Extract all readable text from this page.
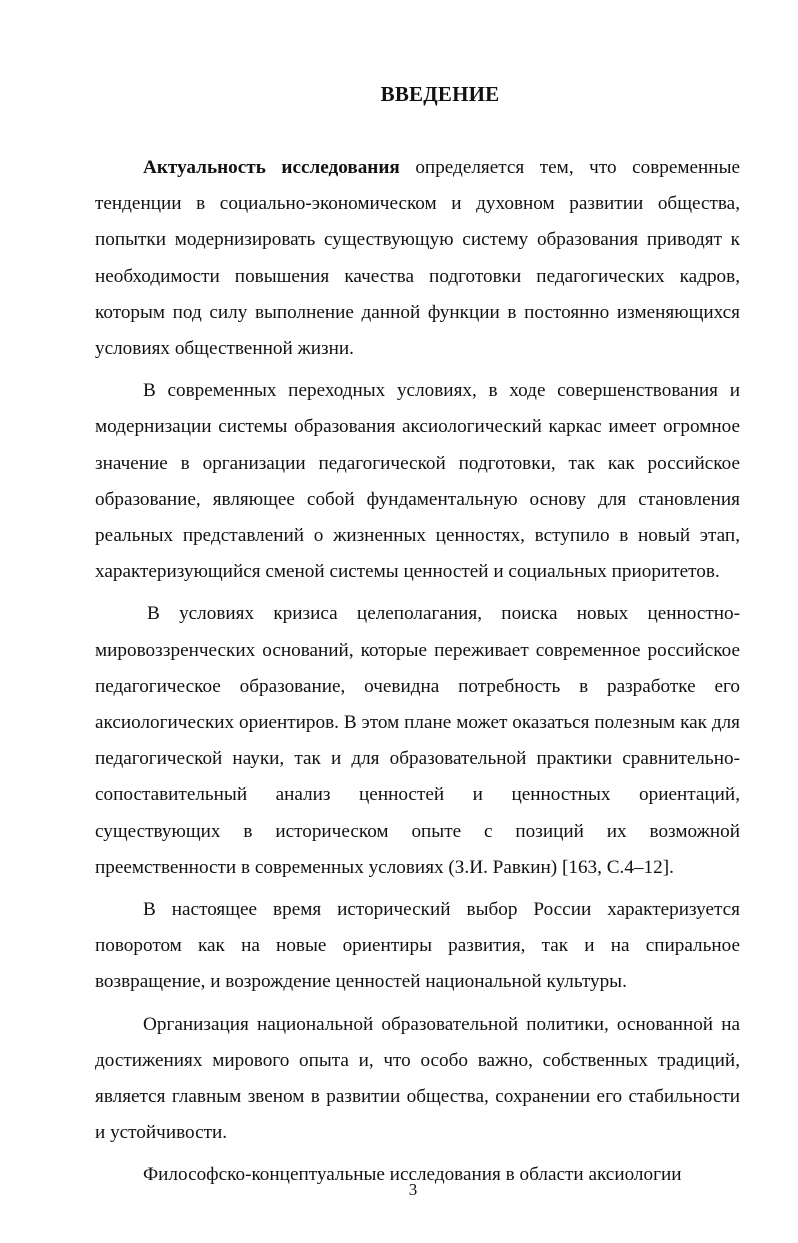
ВВЕДЕНИЕ

Актуальность исследования определяется тем, что современные тенденции в социально-экономическом и духовном развитии общества, попытки модернизировать существующую систему образования приводят к необходимости повышения качества подготовки педагогических кадров, которым под силу выполнение данной функции в постоянно изменяющихся условиях общественной жизни.

В современных переходных условиях, в ходе совершенствования и модернизации системы образования аксиологический каркас имеет огромное значение в организации педагогической подготовки, так как российское образование, являющее собой фундаментальную основу для становления реальных представлений о жизненных ценностях, вступило в новый этап, характеризующийся сменой системы ценностей и социальных приоритетов.

В условиях кризиса целеполагания, поиска новых ценностно-мировоззренческих оснований, которые переживает современное российское педагогическое образование, очевидна потребность в разработке его аксиологических ориентиров. В этом плане может оказаться полезным как для педагогической науки, так и для образовательной практики сравнительно-сопоставительный анализ ценностей и ценностных ориентаций, существующих в историческом опыте с позиций их возможной преемственности в современных условиях (З.И. Равкин) [163, С.4–12].

В настоящее время исторический выбор России характеризуется поворотом как на новые ориентиры развития, так и на спиральное возвращение, и возрождение ценностей национальной культуры.

Организация национальной образовательной политики, основанной на достижениях мирового опыта и, что особо важно, собственных традиций, является главным звеном в развитии общества, сохранении его стабильности и устойчивости.

Философско-концептуальные исследования в области аксиологии

3
